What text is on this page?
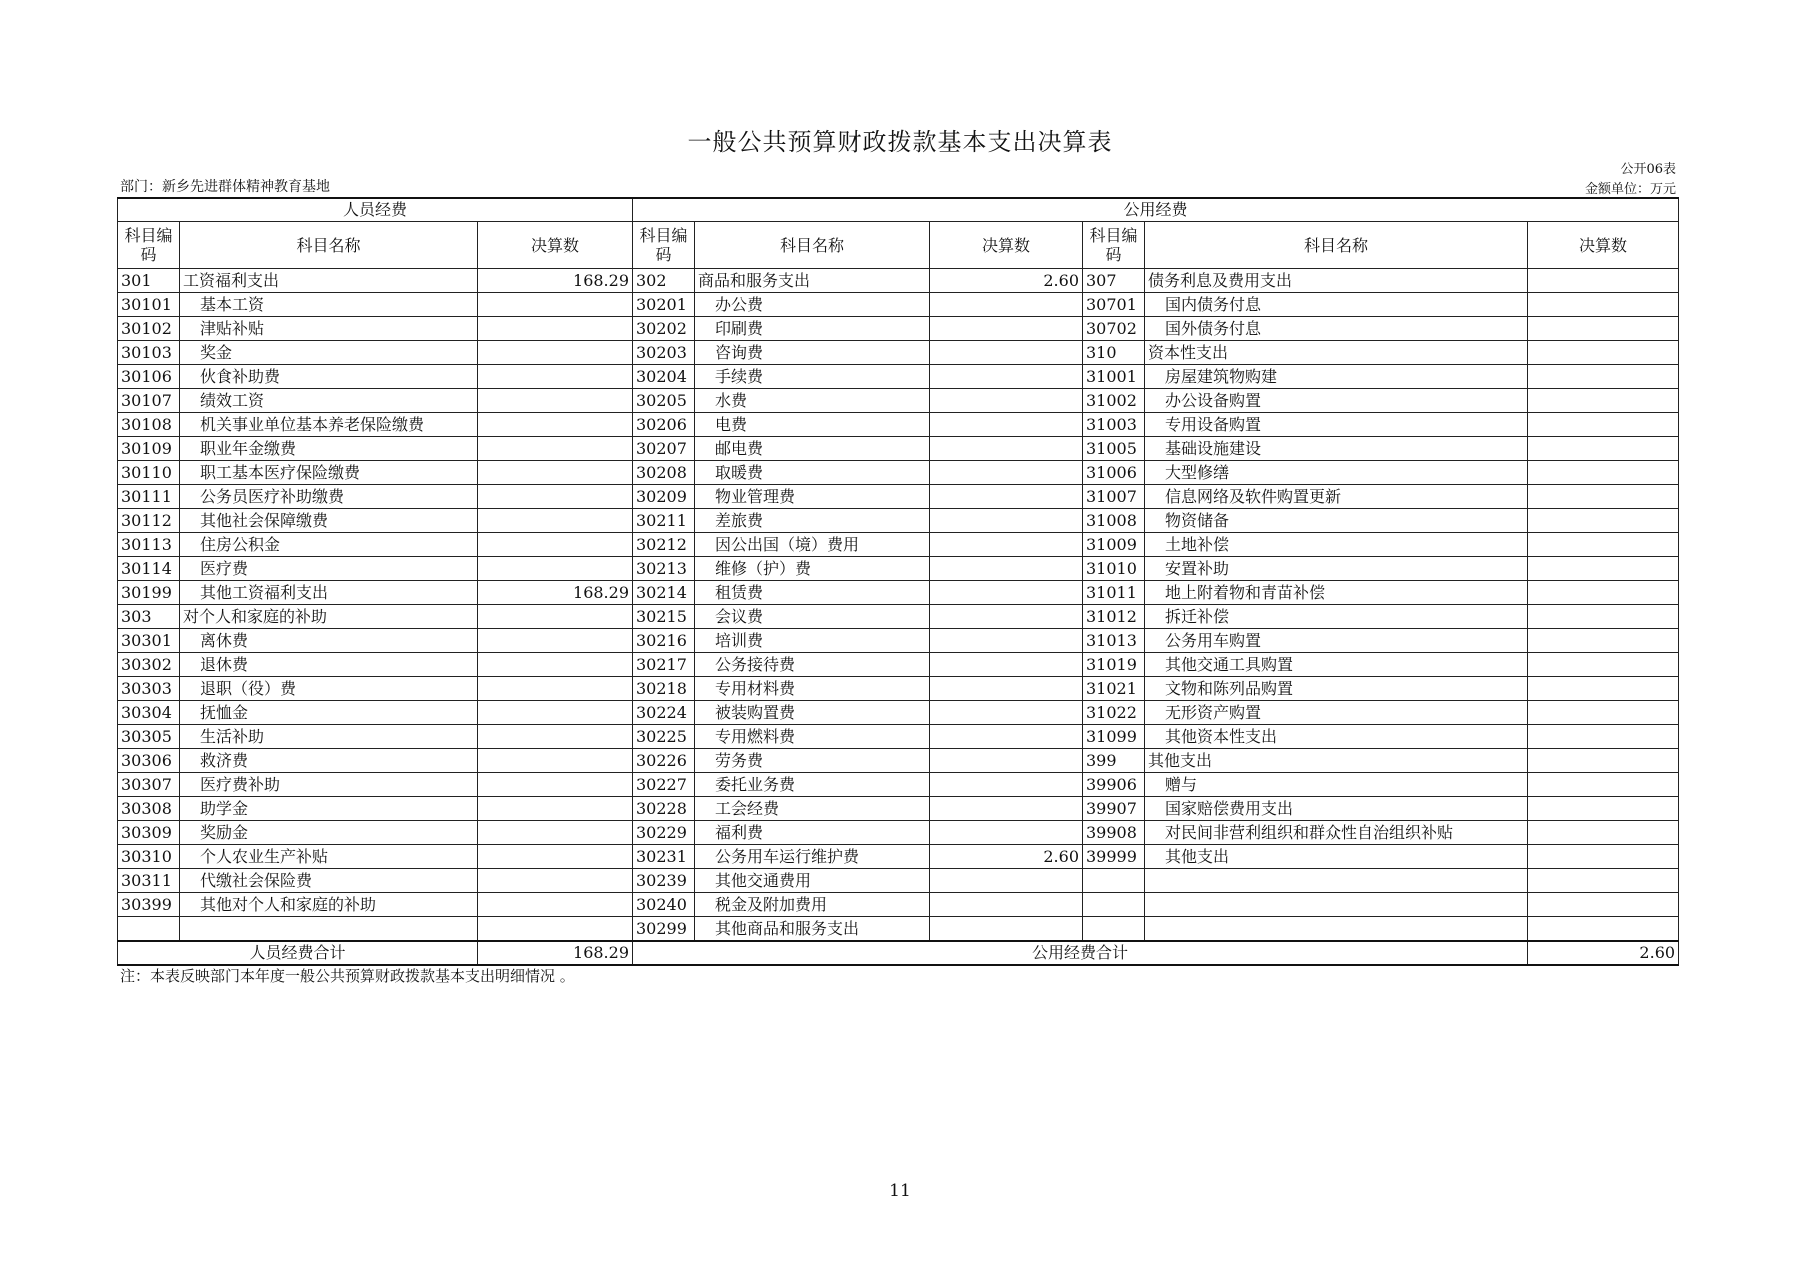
一般公共预算财政拨款基本支出决算表
公开06表
部门：新乡先进群体精神教育基地	金额单位：万元
人员经费			公用经费					
科目编码	科目名称	决算数	科目编码	科目名称	决算数	科目编码	科目名称	决算数
301	工资福利支出	168.29	302	商品和服务支出	2.60	307	债务利息及费用支出	
30101	基本工资		30201	办公费		30701	国内债务付息	
30102	津贴补贴		30202	印刷费		30702	国外债务付息	
30103	奖金		30203	咨询费		310	资本性支出	
30106	伙食补助费		30204	手续费		31001	房屋建筑物购建	
30107	绩效工资		30205	水费		31002	办公设备购置	
30108	机关事业单位基本养老保险缴费		30206	电费		31003	专用设备购置	
30109	职业年金缴费		30207	邮电费		31005	基础设施建设	
30110	职工基本医疗保险缴费		30208	取暖费		31006	大型修缮	
30111	公务员医疗补助缴费		30209	物业管理费		31007	信息网络及软件购置更新	
30112	其他社会保障缴费		30211	差旅费		31008	物资储备	
30113	住房公积金		30212	因公出国（境）费用		31009	土地补偿	
30114	医疗费		30213	维修（护）费		31010	安置补助	
30199	其他工资福利支出	168.29	30214	租赁费		31011	地上附着物和青苗补偿	
303	对个人和家庭的补助		30215	会议费		31012	拆迁补偿	
30301	离休费		30216	培训费		31013	公务用车购置	
30302	退休费		30217	公务接待费		31019	其他交通工具购置	
30303	退职（役）费		30218	专用材料费		31021	文物和陈列品购置	
30304	抚恤金		30224	被装购置费		31022	无形资产购置	
30305	生活补助		30225	专用燃料费		31099	其他资本性支出	
30306	救济费		30226	劳务费		399	其他支出	
30307	医疗费补助		30227	委托业务费		39906	赠与	
30308	助学金		30228	工会经费		39907	国家赔偿费用支出	
30309	奖励金		30229	福利费		39908	对民间非营利组织和群众性自治组织补贴	
30310	个人农业生产补贴		30231	公务用车运行维护费	2.60	39999	其他支出	
30311	代缴社会保险费		30239	其他交通费用				
30399	其他对个人和家庭的补助		30240	税金及附加费用				
			30299	其他商品和服务支出				
人员经费合计		168.29	公用经费合计					2.60
注：本表反映部门本年度一般公共预算财政拨款基本支出明细情况 。
11
